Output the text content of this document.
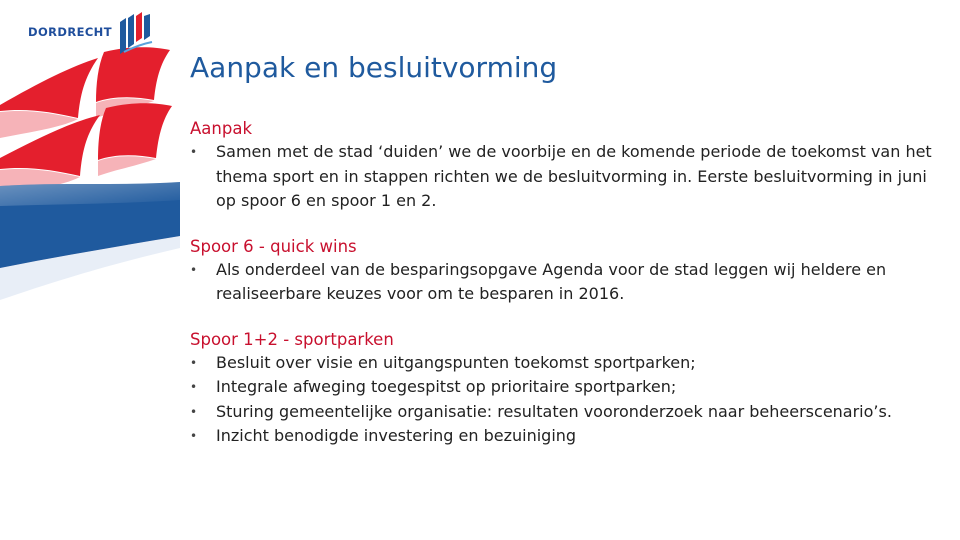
DORDRECHT
Aanpak en besluitvorming
Aanpak
• Samen met de stad ‘duiden’ we de voorbije en de komende periode de toekomst van het thema sport en in stappen richten we de besluitvorming in. Eerste besluitvorming in juni op spoor 6 en spoor 1 en 2.
Spoor 6 - quick wins
• Als onderdeel van de besparingsopgave Agenda voor de stad leggen wij heldere en realiseerbare keuzes voor om te besparen in 2016.
Spoor 1+2 - sportparken
• Besluit over visie en uitgangspunten toekomst sportparken;
• Integrale afweging toegespitst op prioritaire sportparken;
• Sturing gemeentelijke organisatie: resultaten vooronderzoek naar beheerscenario’s.
• Inzicht benodigde investering en bezuiniging
